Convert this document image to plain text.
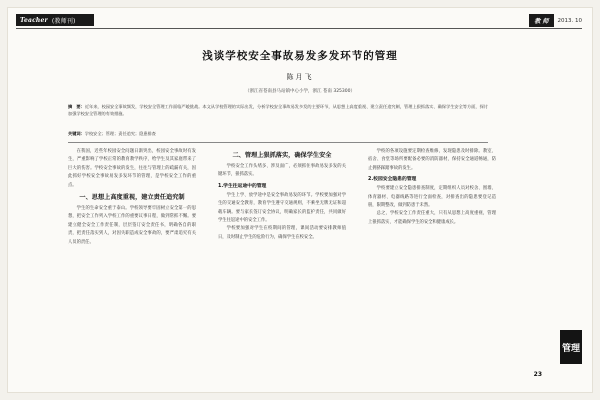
Teacher (教师刊)	教 师	2013. 10
浅谈学校安全事故易发多发环节的管理
陈月飞
（浙江省苍南县马站镇中心小学，浙江 苍南 325300）
摘　要：近年来，校园安全事故频发，学校安全管理工作面临严峻挑战。本文从学校管理的实际出发，分析学校安全事故易发多发的主要环节，从思想上高度重视、建立责任追究制，管理上狠抓落实、确保学生安全等方面，探讨加强学校安全管理的有效措施。
关键词：学校安全；管理；责任追究；隐患排查

在我国，近些年校园安全问题日渐突出，校园安全事故时有发生，严重影响了学校正常的教育教学秩序，给学生及其家庭带来了巨大的伤害。学校安全事故的发生，往往与管理上的疏漏有关，因此抓好学校安全事故易发多发环节的管理，是学校安全工作的重点。

一、思想上高度重视，建立责任追究制

学生的生命安全重于泰山。学校领导要牢固树立安全第一的思想，把安全工作列入学校工作的重要议事日程，做到常抓不懈。要建立健全安全工作责任制，层层签订安全责任书，明确各自的职责，把责任落实到人，对因失职造成安全事故的，要严肃追究有关人员的责任。

二、管理上狠抓落实，确保学生安全

学校安全工作头绪多、涉及面广，必须抓住事故易发多发的关键环节，狠抓落实。

1.学生往返途中的管理

学生上学、放学途中是安全事故易发的环节。学校要加强对学生的交通安全教育，教育学生遵守交通规则，不乘坐无牌无证和超载车辆。要与家长签订安全协议，明确家长的监护责任，共同做好学生往返途中的安全工作。

学校要加强对学生在校期间的管理，课间活动要安排教师值日，及时制止学生的危险行为，确保学生在校安全。

学校的各项设施要定期检查维修，发现隐患及时排除。教室、宿舍、食堂等场所要配备必要的消防器材，保持安全通道畅通，防止拥挤踩踏事故的发生。

2.校园安全隐患的管理

学校要建立安全隐患排查制度，定期组织人员对校舍、围墙、体育器材、电器线路等进行全面检查，对排查出的隐患要登记造册，限期整改，做到防患于未然。

总之，学校安全工作责任重大，只有从思想上高度重视，管理上狠抓落实，才能确保学生的安全和健康成长。

管理
23
